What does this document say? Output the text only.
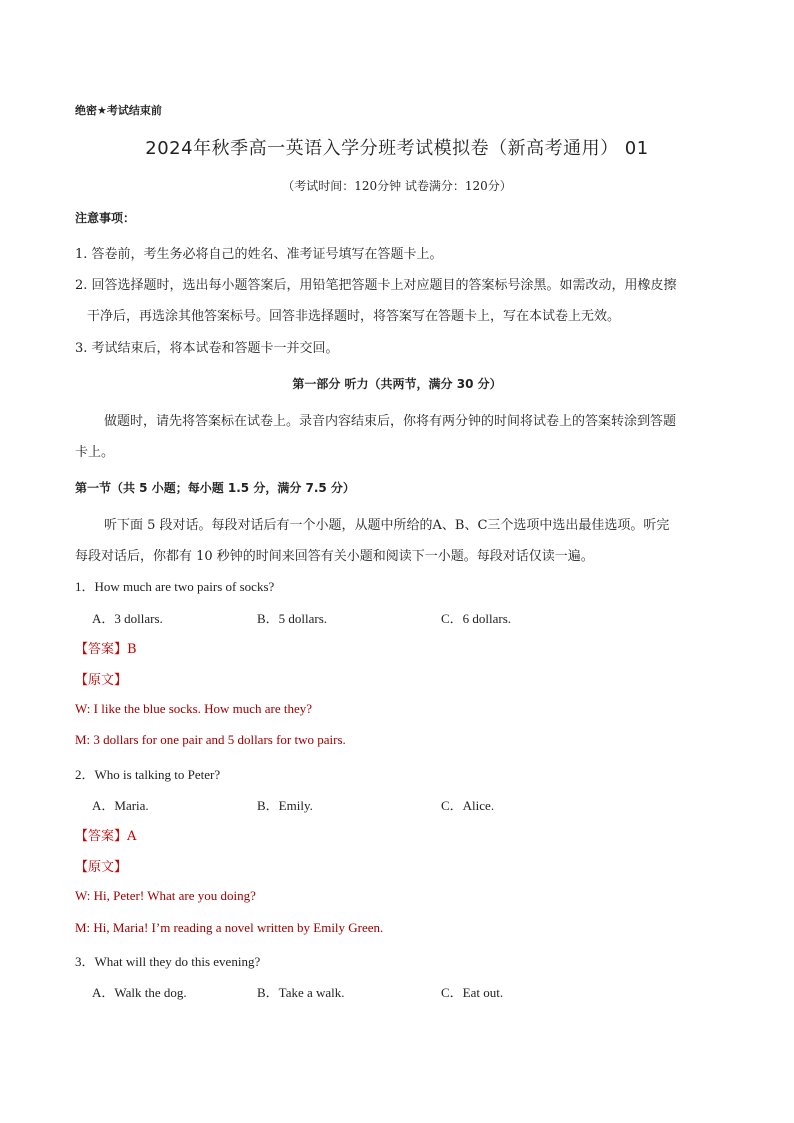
绝密★考试结束前
2024年秋季高一英语入学分班考试模拟卷（新高考通用） 01
（考试时间：120分钟 试卷满分：120分）
注意事项：
1. 答卷前，考生务必将自己的姓名、准考证号填写在答题卡上。
2. 回答选择题时，选出每小题答案后，用铅笔把答题卡上对应题目的答案标号涂黑。如需改动，用橡皮擦
干净后，再选涂其他答案标号。回答非选择题时，将答案写在答题卡上，写在本试卷上无效。
3. 考试结束后，将本试卷和答题卡一并交回。
第一部分 听力（共两节，满分 30 分）
做题时，请先将答案标在试卷上。录音内容结束后，你将有两分钟的时间将试卷上的答案转涂到答题
卡上。
第一节（共 5 小题；每小题 1.5 分，满分 7.5 分）
听下面 5 段对话。每段对话后有一个小题，从题中所给的A、B、C三个选项中选出最佳选项。听完
每段对话后，你都有 10 秒钟的时间来回答有关小题和阅读下一小题。每段对话仅读一遍。
1．How much are two pairs of socks?
A．3 dollars.	B．5 dollars.	C．6 dollars.
【答案】B
【原文】
W: I like the blue socks. How much are they?
M: 3 dollars for one pair and 5 dollars for two pairs.
2．Who is talking to Peter?
A．Maria.	B．Emily.	C．Alice.
【答案】A
【原文】
W: Hi, Peter! What are you doing?
M: Hi, Maria! I’m reading a novel written by Emily Green.
3．What will they do this evening?
A．Walk the dog.	B．Take a walk.	C．Eat out.
